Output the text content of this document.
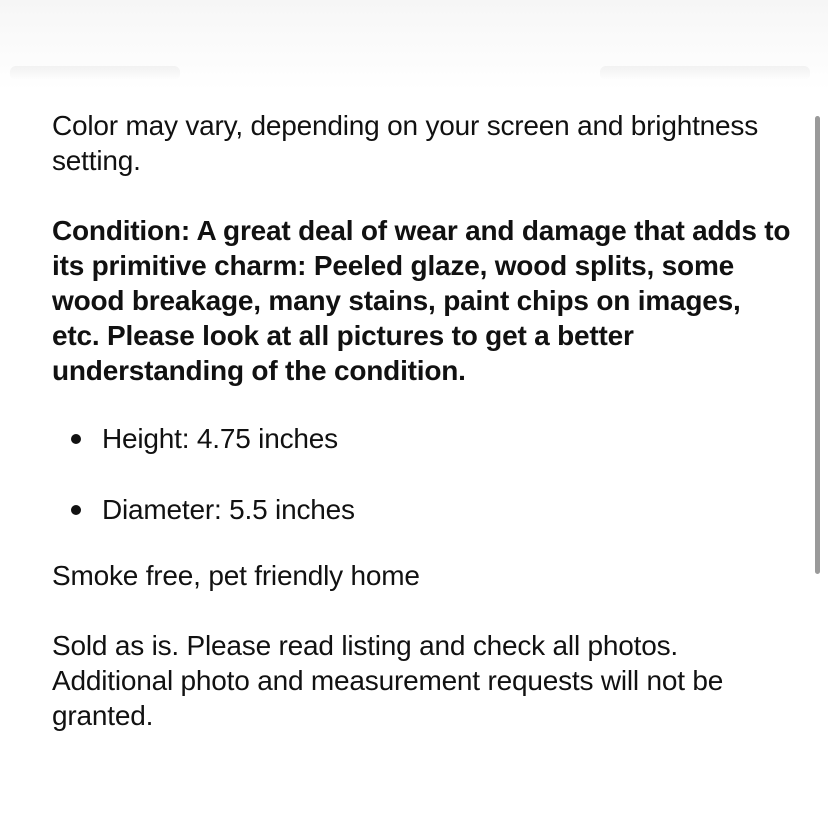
Color may vary, depending on your screen and brightness setting.

Condition: A great deal of wear and damage that adds to its primitive charm: Peeled glaze, wood splits, some wood breakage, many stains, paint chips on images, etc. Please look at all pictures to get a better understanding of the condition.

Height: 4.75 inches
Diameter: 5.5 inches

Smoke free, pet friendly home

Sold as is. Please read listing and check all photos. Additional photo and measurement requests will not be granted.
